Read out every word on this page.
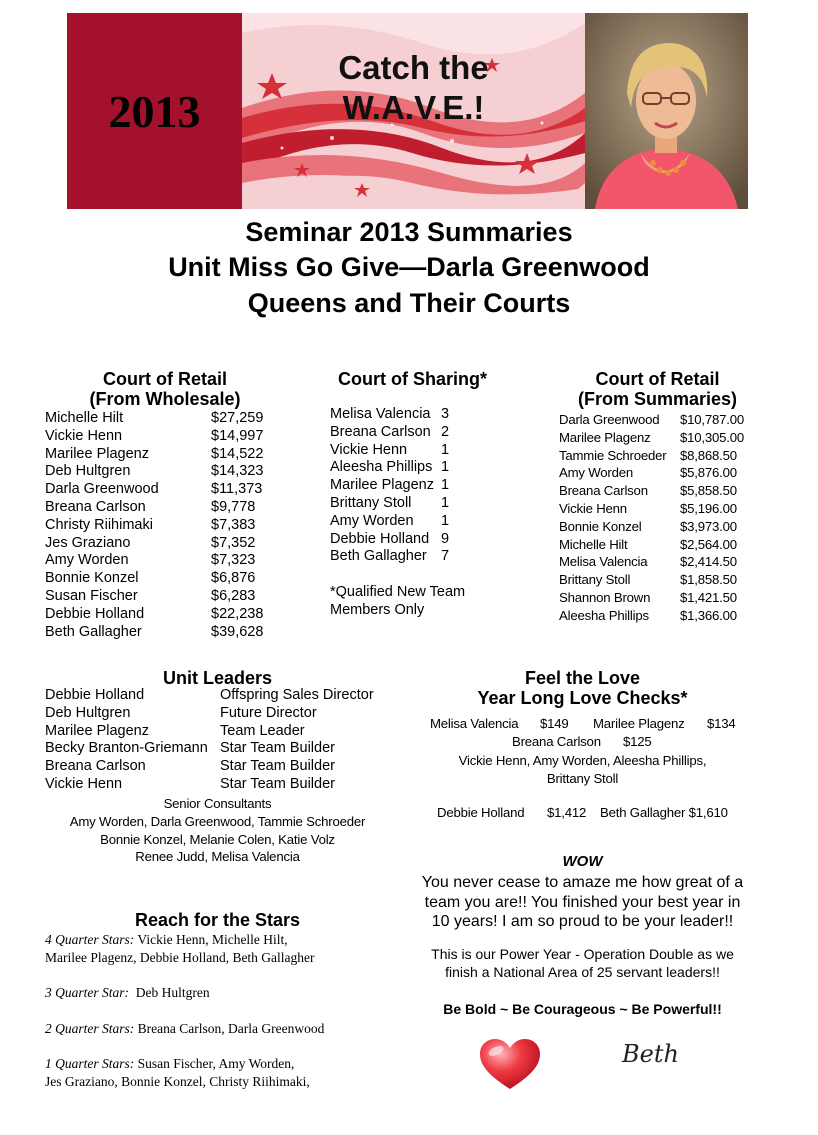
2013
Catch the
W.A.V.E.!
Seminar 2013 Summaries
Unit Miss Go Give—Darla Greenwood
Queens and Their Courts
Court of Retail
(From Wholesale)
Michelle Hilt	$27,259
Vickie Henn	$14,997
Marilee Plagenz	$14,522
Deb Hultgren	$14,323
Darla Greenwood	$11,373
Breana Carlson	$9,778
Christy Riihimaki	$7,383
Jes Graziano	$7,352
Amy Worden	$7,323
Bonnie Konzel	$6,876
Susan Fischer	$6,283
Debbie Holland	$22,238
Beth Gallagher	$39,628
Court of Sharing*
Melisa Valencia 3
Breana Carlson 2
Vickie Henn 1
Aleesha Phillips 1
Marilee Plagenz 1
Brittany Stoll 1
Amy Worden 1
Debbie Holland 9
Beth Gallagher 7
*Qualified New Team
Members Only
Court of Retail
(From Summaries)
Darla Greenwood $10,787.00
Marilee Plagenz $10,305.00
Tammie Schroeder $8,868.50
Amy Worden	$5,876.00
Breana Carlson $5,858.50
Vickie Henn	$5,196.00
Bonnie Konzel	$3,973.00
Michelle Hilt	$2,564.00
Melisa Valencia $2,414.50
Brittany Stoll	$1,858.50
Shannon Brown $1,421.50
Aleesha Phillips $1,366.00
Unit Leaders
Debbie Holland	Offspring Sales Director
Deb Hultgren	Future Director
Marilee Plagenz	Team Leader
Becky Branton-Griemann Star Team Builder
Breana Carlson	Star Team Builder
Vickie Henn	Star Team Builder
Senior Consultants
Amy Worden, Darla Greenwood, Tammie Schroeder
Bonnie Konzel, Melanie Colen, Katie Volz
Renee Judd, Melisa Valencia
Feel the Love
Year Long Love Checks*
Melisa Valencia $149 Marilee Plagenz $134
Breana Carlson $125
Vickie Henn, Amy Worden, Aleesha Phillips,
Brittany Stoll
Debbie Holland $1,412 Beth Gallagher $1,610
Reach for the Stars
4 Quarter Stars: Vickie Henn, Michelle Hilt,
Marilee Plagenz, Debbie Holland, Beth Gallagher
3 Quarter Star: Deb Hultgren
2 Quarter Stars: Breana Carlson, Darla Greenwood
1 Quarter Stars: Susan Fischer, Amy Worden,
Jes Graziano, Bonnie Konzel, Christy Riihimaki,
WOW
You never cease to amaze me how great of a
team you are!! You finished your best year in
10 years! I am so proud to be your leader!!
This is our Power Year - Operation Double as we
finish a National Area of 25 servant leaders!!
Be Bold ~ Be Courageous ~ Be Powerful!!
Beth
